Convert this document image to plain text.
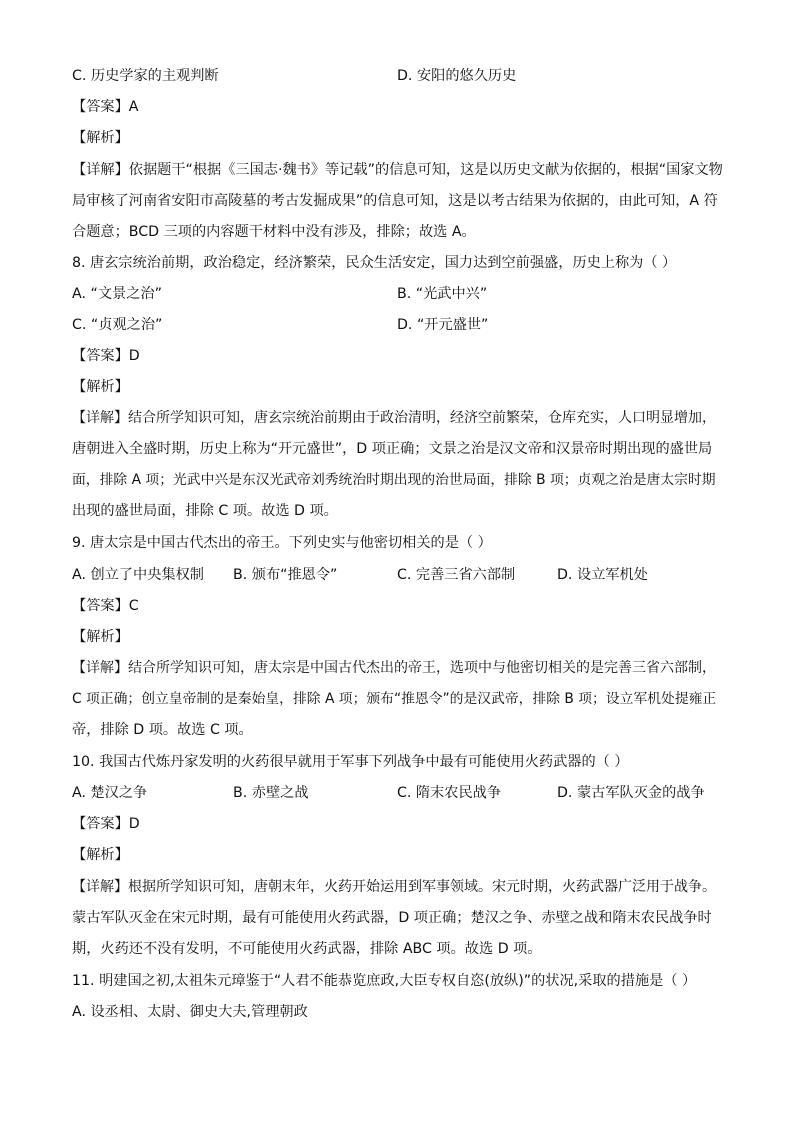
C. 历史学家的主观判断	D. 安阳的悠久历史
【答案】A
【解析】
【详解】依据题干“根据《三国志·魏书》等记载”的信息可知，这是以历史文献为依据的，根据“国家文物
局审核了河南省安阳市高陵墓的考古发掘成果”的信息可知，这是以考古结果为依据的，由此可知，A 符
合题意；BCD 三项的内容题干材料中没有涉及，排除；故选 A。
8. 唐玄宗统治前期，政治稳定，经济繁荣，民众生活安定，国力达到空前强盛，历史上称为（ ）
A. “文景之治”	B. “光武中兴”
C. “贞观之治”	D. “开元盛世”
【答案】D
【解析】
【详解】结合所学知识可知，唐玄宗统治前期由于政治清明，经济空前繁荣，仓库充实，人口明显增加，
唐朝进入全盛时期，历史上称为“开元盛世”，D 项正确；文景之治是汉文帝和汉景帝时期出现的盛世局
面，排除 A 项；光武中兴是东汉光武帝刘秀统治时期出现的治世局面，排除 B 项；贞观之治是唐太宗时期
出现的盛世局面，排除 C 项。故选 D 项。
9. 唐太宗是中国古代杰出的帝王。下列史实与他密切相关的是（ ）
A. 创立了中央集权制 B. 颁布“推恩令”	C. 完善三省六部制	D. 设立军机处
【答案】C
【解析】
【详解】结合所学知识可知，唐太宗是中国古代杰出的帝王，选项中与他密切相关的是完善三省六部制，
C 项正确；创立皇帝制的是秦始皇，排除 A 项；颁布“推恩令”的是汉武帝，排除 B 项；设立军机处提雍正
帝，排除 D 项。故选 C 项。
10. 我国古代炼丹家发明的火药很早就用于军事下列战争中最有可能使用火药武器的（ ）
A. 楚汉之争	B. 赤壁之战	C. 隋末农民战争	D. 蒙古军队灭金的战争
【答案】D
【解析】
【详解】根据所学知识可知，唐朝末年，火药开始运用到军事领域。宋元时期，火药武器广泛用于战争。
蒙古军队灭金在宋元时期，最有可能使用火药武器，D 项正确；楚汉之争、赤壁之战和隋末农民战争时
期，火药还不没有发明，不可能使用火药武器，排除 ABC 项。故选 D 项。
11. 明建国之初,太祖朱元璋鉴于“人君不能恭览庶政,大臣专权自恣(放纵)”的状况,采取的措施是（ ）
A. 设丞相、太尉、御史大夫,管理朝政
